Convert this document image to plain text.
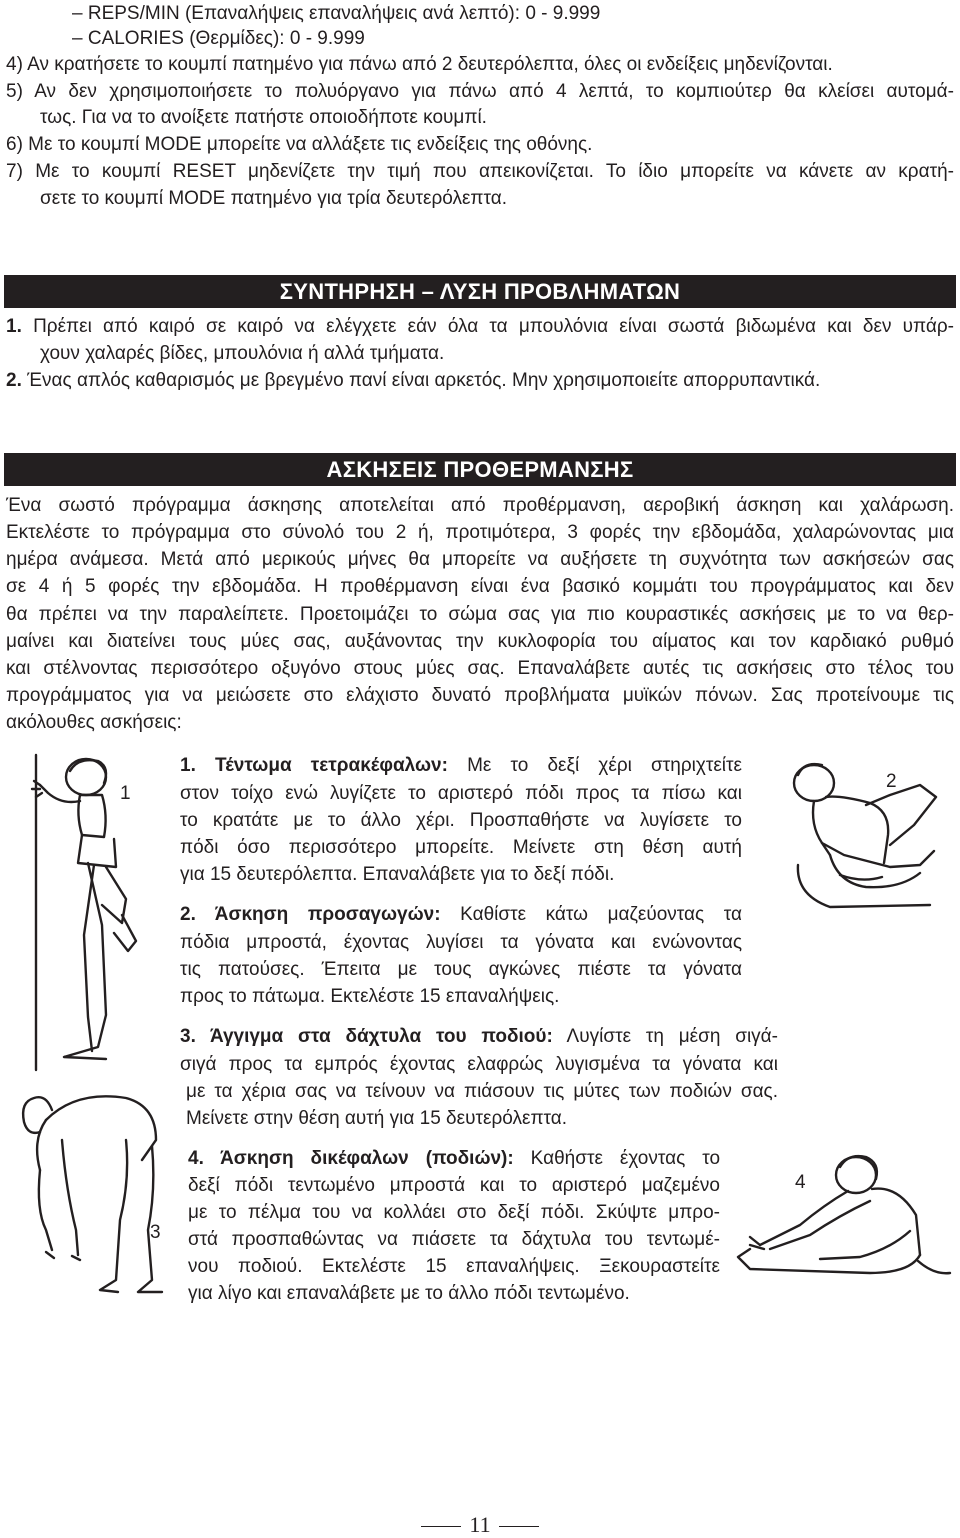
– REPS/MIN (Επαναλήψεις επαναλήψεις ανά λεπτό): 0 - 9.999
– CALORIES (Θερμίδες): 0 - 9.999
4) Αν κρατήσετε το κουμπί πατημένο για πάνω από 2 δευτερόλεπτα, όλες οι ενδείξεις μηδενίζονται.
5) Αν δεν χρησιμοποιήσετε το πολυόργανο για πάνω από 4 λεπτά, το κομπιούτερ θα κλείσει αυτομά-
τως. Για να το ανοίξετε πατήστε οποιοδήποτε κουμπί.
6) Με το κουμπί MODE μπορείτε να αλλάξετε τις ενδείξεις της οθόνης.
7) Με το κουμπί RESET μηδενίζετε την τιμή που απεικονίζεται. Το ίδιο μπορείτε να κάνετε αν κρατή-
σετε το κουμπί MODE πατημένο για τρία δευτερόλεπτα.
ΣΥΝΤΗΡΗΣΗ – ΛΥΣΗ ΠΡΟΒΛΗΜΑΤΩΝ
1. Πρέπει από καιρό σε καιρό να ελέγχετε εάν όλα τα μπουλόνια είναι σωστά βιδωμένα και δεν υπάρ-
χουν χαλαρές βίδες, μπουλόνια ή αλλά τμήματα.
2. Ένας απλός καθαρισμός με βρεγμένο πανί είναι αρκετός. Μην χρησιμοποιείτε απορρυπαντικά.
ΑΣΚΗΣΕΙΣ ΠΡΟΘΕΡΜΑΝΣΗΣ
Ένα σωστό πρόγραμμα άσκησης αποτελείται από προθέρμανση, αεροβική άσκηση και χαλάρωση.
Εκτελέστε το πρόγραμμα στο σύνολό του 2 ή, προτιμότερα, 3 φορές την εβδομάδα, χαλαρώνοντας μια
ημέρα ανάμεσα. Μετά από μερικούς μήνες θα μπορείτε να αυξήσετε τη συχνότητα των ασκήσεών σας
σε 4 ή 5 φορές την εβδομάδα. Η προθέρμανση είναι ένα βασικό κομμάτι του προγράμματος και δεν
θα πρέπει να την παραλείπετε. Προετοιμάζει το σώμα σας για πιο κουραστικές ασκήσεις με το να θερ-
μαίνει και διατείνει τους μύες σας, αυξάνοντας την κυκλοφορία του αίματος και τον καρδιακό ρυθμό
και στέλνοντας περισσότερο οξυγόνο στους μύες σας. Επαναλάβετε αυτές τις ασκήσεις στο τέλος του
προγράμματος για να μειώσετε στο ελάχιστο δυνατό προβλήματα μυϊκών πόνων. Σας προτείνουμε τις
ακόλουθες ασκήσεις:
1. Τέντωμα τετρακέφαλων: Με το δεξί χέρι στηριχτείτε
στον τοίχο ενώ λυγίζετε το αριστερό πόδι προς τα πίσω και
το κρατάτε με το άλλο χέρι. Προσπαθήστε να λυγίσετε το
πόδι όσο περισσότερο μπορείτε. Μείνετε στη θέση αυτή
για 15 δευτερόλεπτα. Επαναλάβετε για το δεξί πόδι.
2. Άσκηση προσαγωγών: Καθίστε κάτω μαζεύοντας τα
πόδια μπροστά, έχοντας λυγίσει τα γόνατα και ενώνοντας
τις πατούσες. Έπειτα με τους αγκώνες πιέστε τα γόνατα
προς το πάτωμα. Εκτελέστε 15 επαναλήψεις.
3. Άγγιγμα στα δάχτυλα του ποδιού: Λυγίστε τη μέση σιγά-
σιγά προς τα εμπρός έχοντας ελαφρώς λυγισμένα τα γόνατα και
με τα χέρια σας να τείνουν να πιάσουν τις μύτες των ποδιών σας.
Μείνετε στην θέση αυτή για 15 δευτερόλεπτα.
4. Άσκηση δικέφαλων (ποδιών): Καθήστε έχοντας το
δεξί πόδι τεντωμένο μπροστά και το αριστερό μαζεμένο
με το πέλμα του να κολλάει στο δεξί πόδι. Σκύψτε μπρο-
στά προσπαθώντας να πιάσετε τα δάχτυλα του τεντωμέ-
νου ποδιού. Εκτελέστε 15 επαναλήψεις. Ξεκουραστείτε
για λίγο και επαναλάβετε με το άλλο πόδι τεντωμένο.
1
2
3
4
11
